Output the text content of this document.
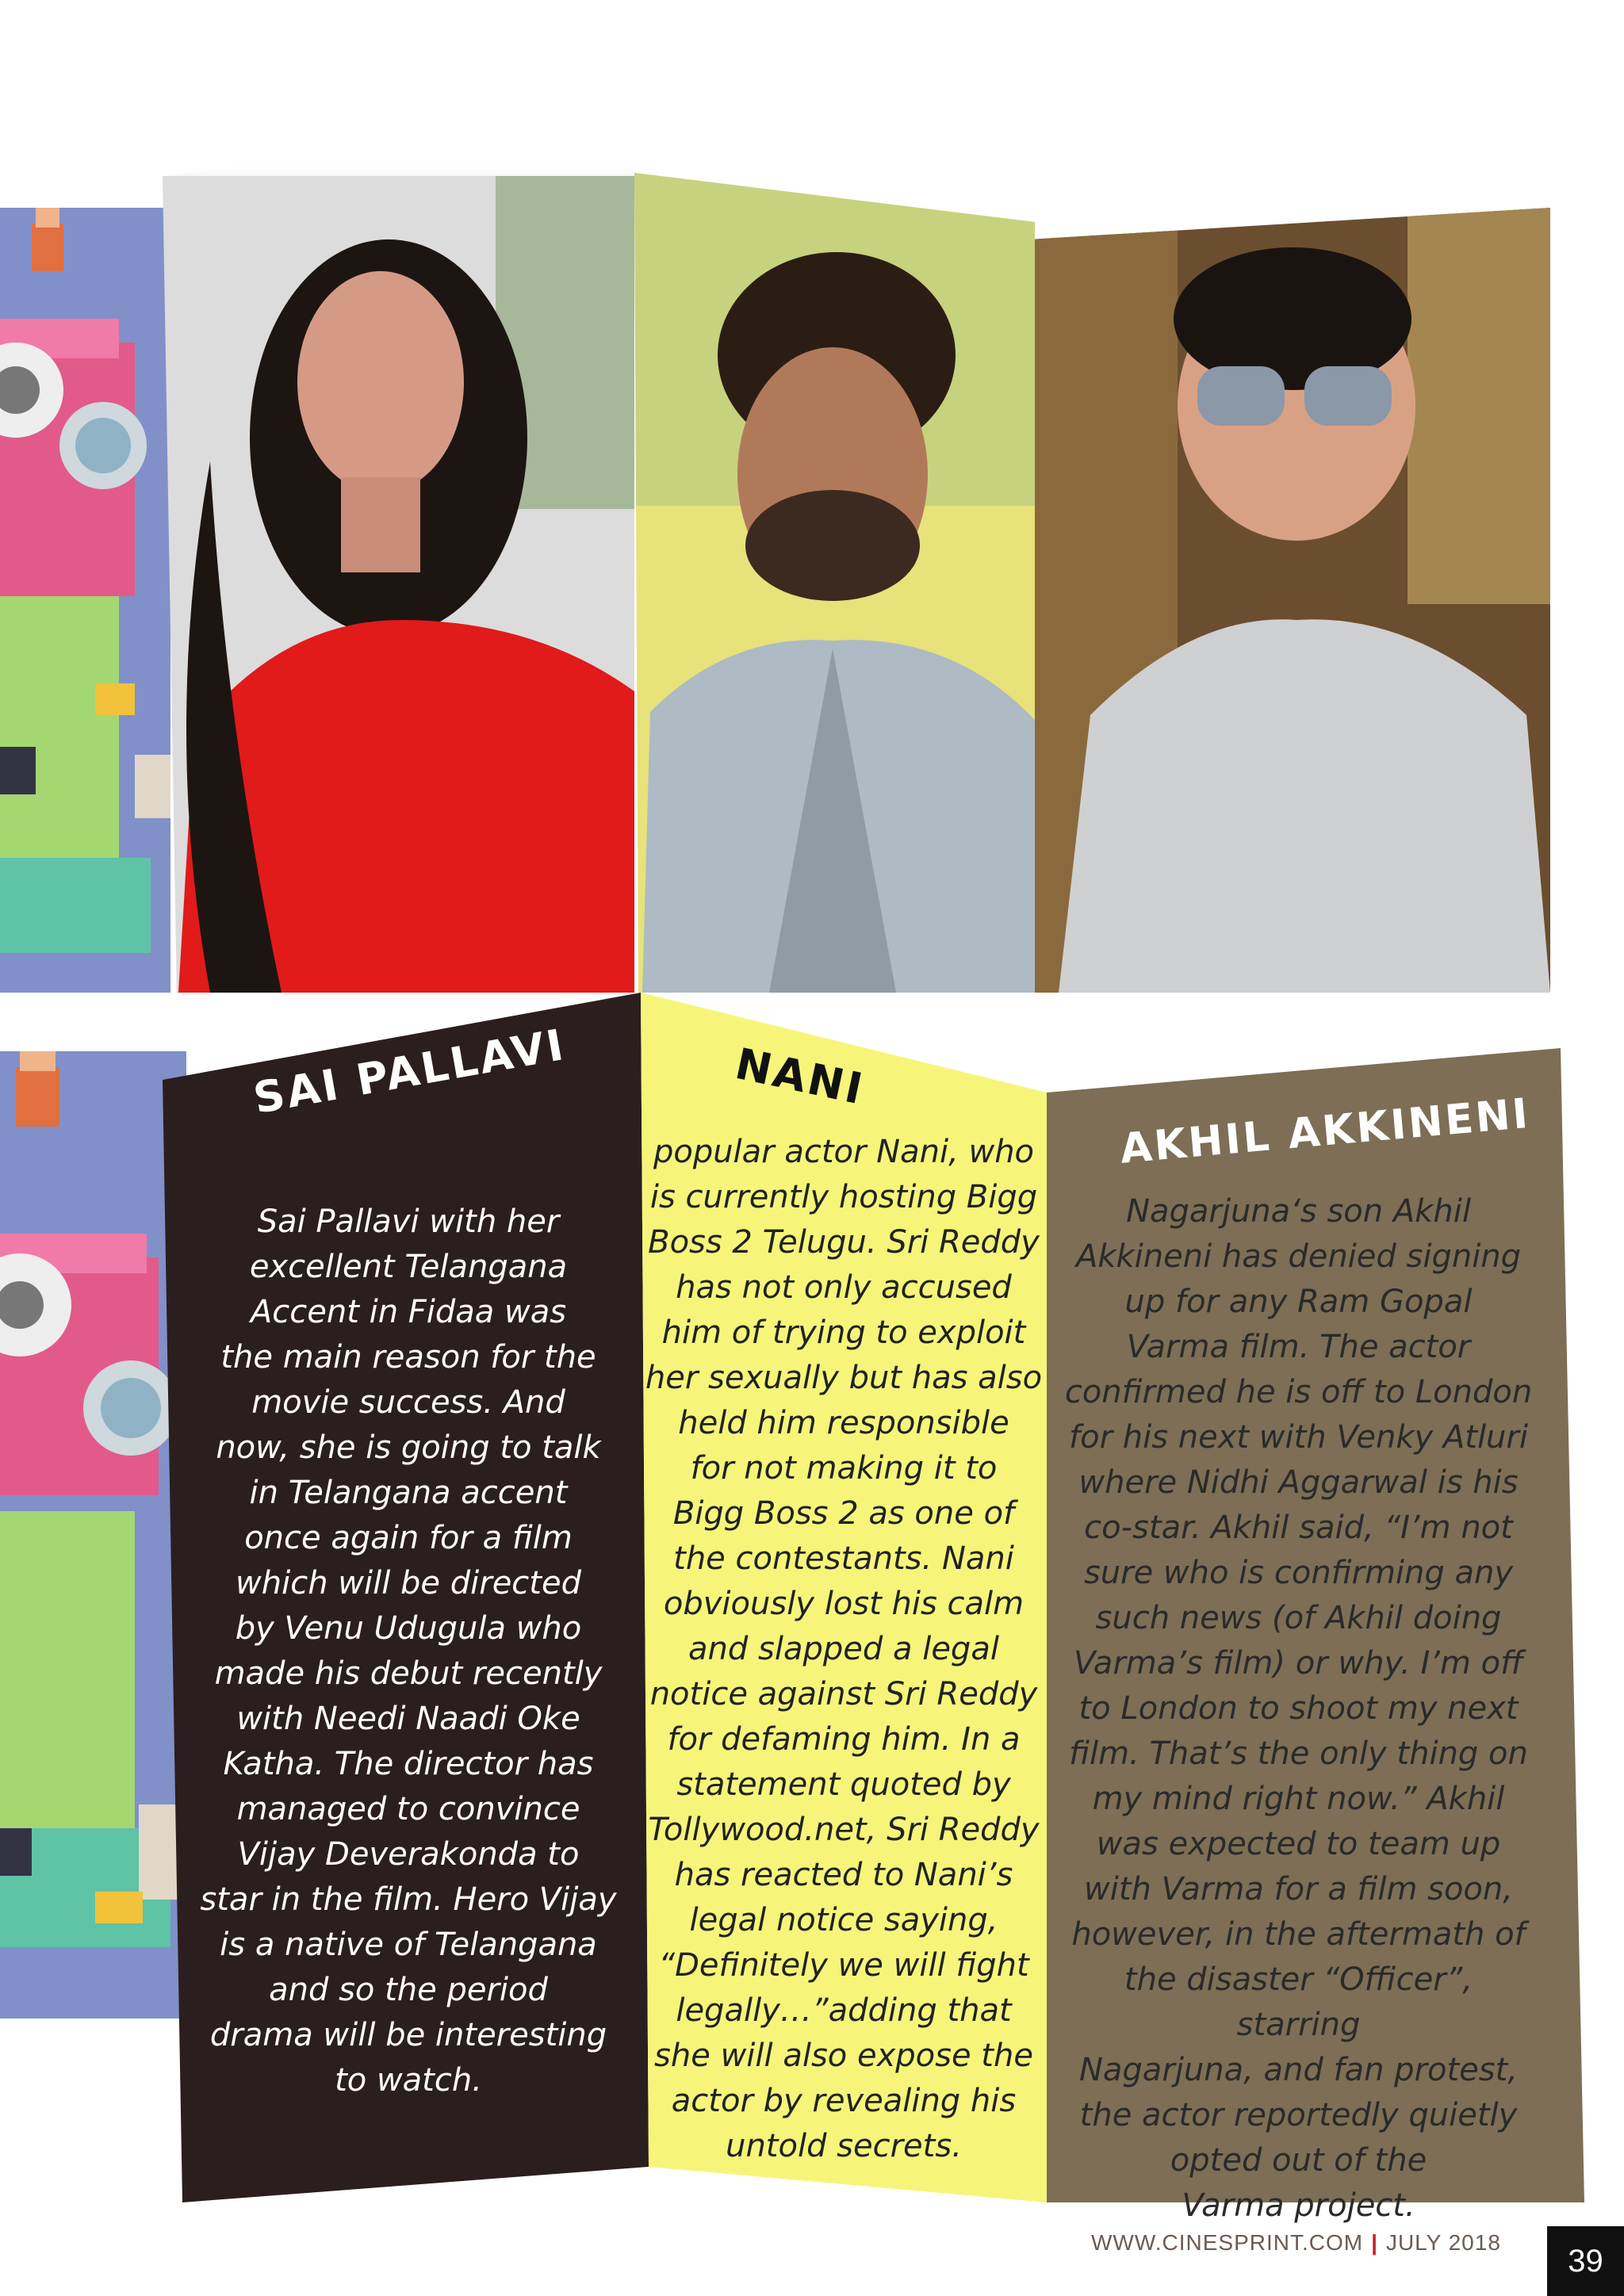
SAI PALLAVI	NANI
AKHIL AKKINENI
Sai Pallavi with her
excellent Telangana
Accent in Fidaa was
the main reason for the
movie success. And
now, she is going to talk
in Telangana accent
once again for a film
which will be directed
by Venu Udugula who
made his debut recently
with Needi Naadi Oke
Katha. The director has
managed to convince
Vijay Deverakonda to
star in the film. Hero Vijay
is a native of Telangana
and so the period
drama will be interesting
to watch.
popular actor Nani, who
is currently hosting Bigg
Boss 2 Telugu. Sri Reddy
has not only accused
him of trying to exploit
her sexually but has also
held him responsible
for not making it to
Bigg Boss 2 as one of
the contestants. Nani
obviously lost his calm
and slapped a legal
notice against Sri Reddy
for defaming him. In a
statement quoted by
Tollywood.net, Sri Reddy
has reacted to Nani’s
legal notice saying,
“Definitely we will fight
legally…”adding that
she will also expose the
actor by revealing his
untold secrets.
Nagarjuna‘s son Akhil
Akkineni has denied signing
up for any Ram Gopal
Varma film. The actor
confirmed he is off to London
for his next with Venky Atluri
where Nidhi Aggarwal is his
co-star. Akhil said, “I’m not
sure who is confirming any
such news (of Akhil doing
Varma’s film) or why. I’m off
to London to shoot my next
film. That’s the only thing on
my mind right now.” Akhil
was expected to team up
with Varma for a film soon,
however, in the aftermath of
the disaster “Officer”, starring
Nagarjuna, and fan protest,
the actor reportedly quietly
opted out of the
Varma project.
WWW.CINESPRINT.COM | JULY 2018
39
